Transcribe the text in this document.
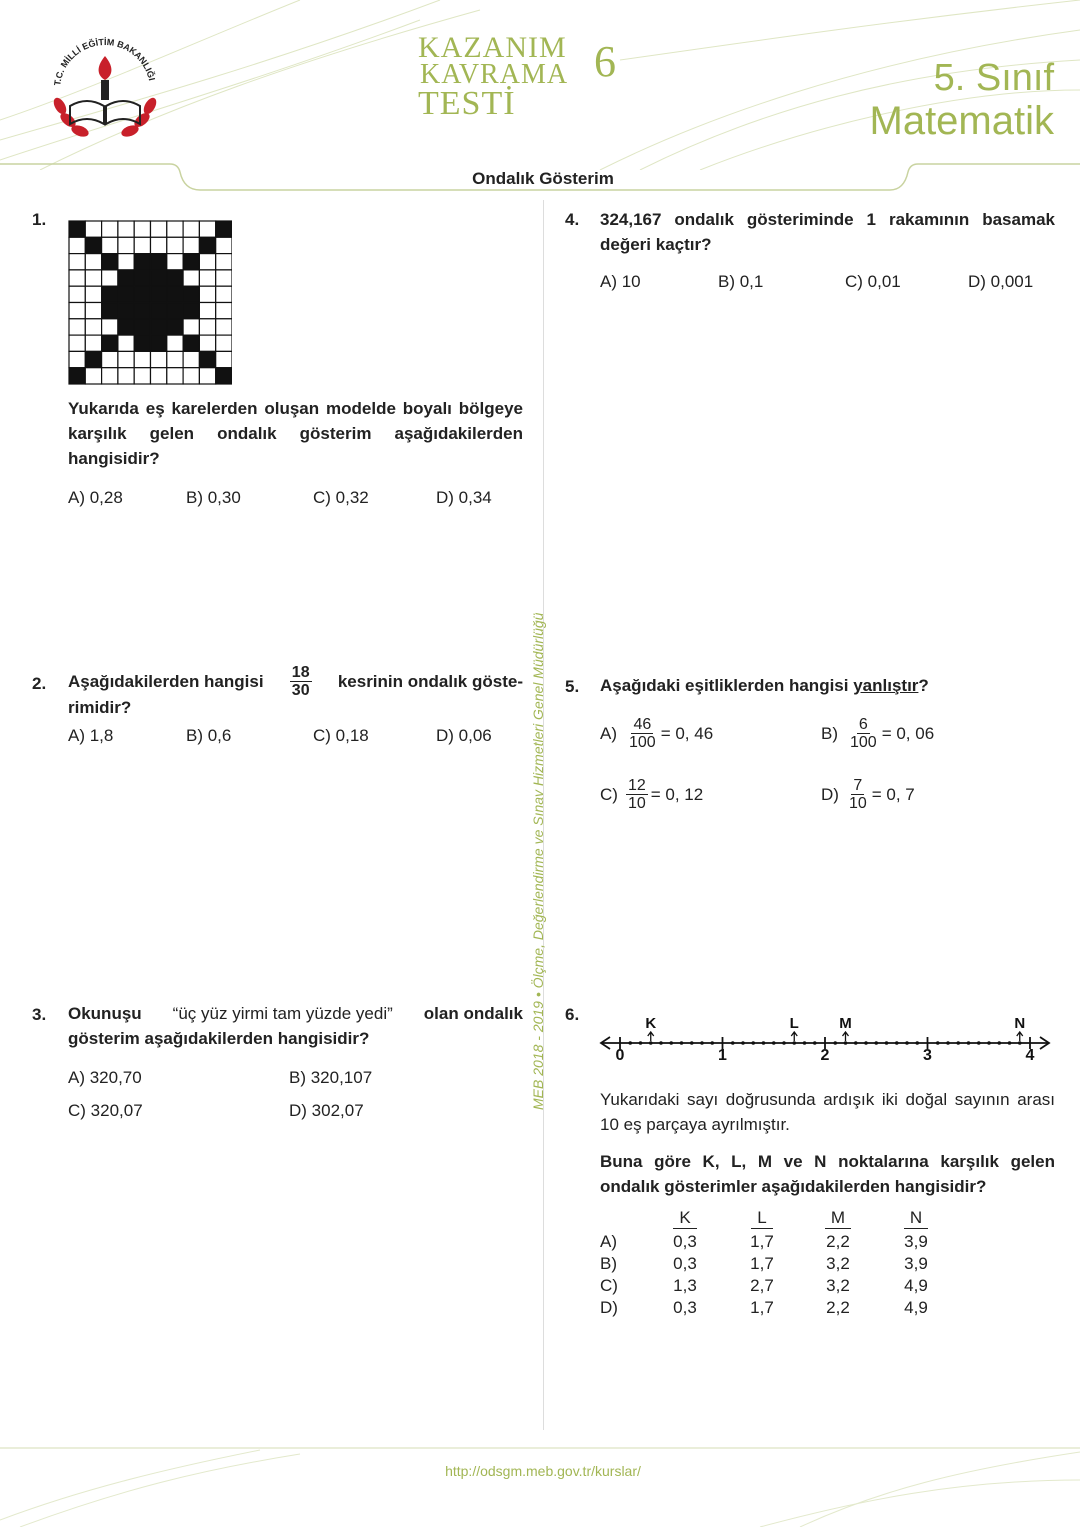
T.C. MİLLİ EĞİTİM BAKANLIĞI
KAZANIM
KAVRAMA
TESTİ
6	5. Sınıf
Matematik
Ondalık Gösterim
MEB 2018 - 2019 • Ölçme, Değerlendirme ve Sınav Hizmetleri Genel Müdürlüğü
1.
Yukarıda eş karelerden oluşan modelde boyalı bölgeye karşılık gelen ondalık gösterim aşağıdakilerden hangisidir?
A) 0,28	B) 0,30	C) 0,32	D) 0,34
2. Aşağıdakilerden hangisi $\frac{18}{30}$ kesrinin ondalık göste-
rimidir?
A) 1,8	B) 0,6	C) 0,18	D) 0,06
3. Okunuşu “üç yüz yirmi tam yüzde yedi” olan ondalık
gösterim aşağıdakilerden hangisidir?
A) 320,70	B) 320,107
C) 320,07	D) 302,07
4. 324,167 ondalık gösteriminde 1 rakamının basamak değeri kaçtır?
A) 10	B) 0,1	C) 0,01	D) 0,001
5. Aşağıdaki eşitliklerden hangisi yanlıştır?
$A) \frac{46}{100} = 0$, 46	$B) \frac{6}{100} = 0$, 06
$C) \frac{12}{10} = 0$, 12	$D) \frac{7}{10} = 0$, 7
6.
0	1	2	3	4
K	L	M	N
Yukarıdaki sayı doğrusunda ardışık iki doğal sayının arası 10 eş parçaya ayrılmıştır.
Buna göre K, L, M ve N noktalarına karşılık gelen ondalık gösterimler aşağıdakilerden hangisidir?
	K	L	M	N
A)	0,3	1,7	2,2	3,9
B)	0,3	1,7	3,2	3,9
C)	1,3	2,7	3,2	4,9
D)	0,3	1,7	2,2	4,9
http://odsgm.meb.gov.tr/kurslar/
